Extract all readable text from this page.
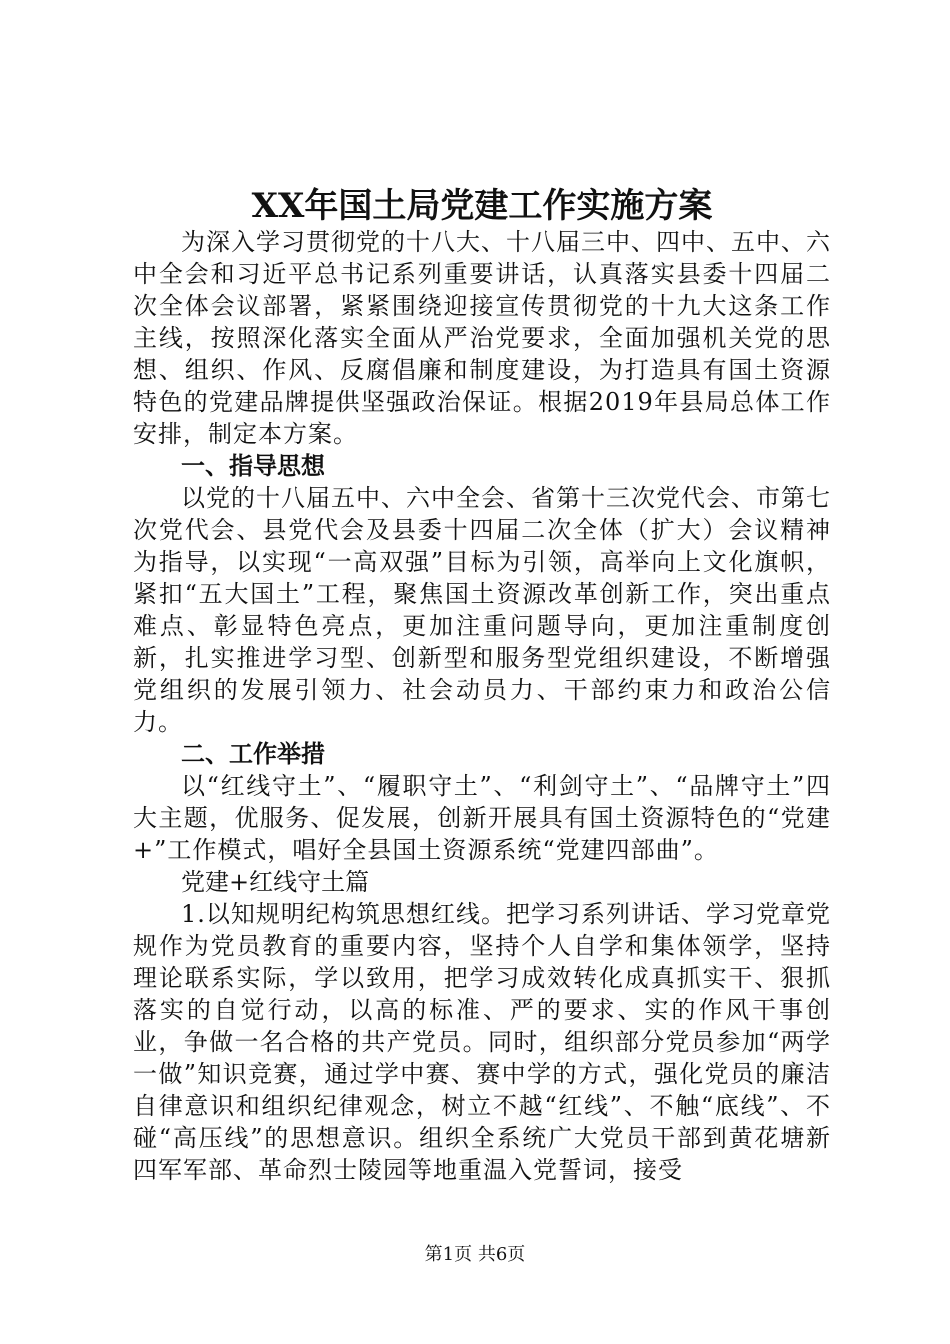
XX年国土局党建工作实施方案

为深入学习贯彻党的十八大、十八届三中、四中、五中、六中全会和习近平总书记系列重要讲话，认真落实县委十四届二次全体会议部署，紧紧围绕迎接宣传贯彻党的十九大这条工作主线，按照深化落实全面从严治党要求，全面加强机关党的思想、组织、作风、反腐倡廉和制度建设，为打造具有国土资源特色的党建品牌提供坚强政治保证。根据2019年县局总体工作安排，制定本方案。

一、指导思想

以党的十八届五中、六中全会、省第十三次党代会、市第七次党代会、县党代会及县委十四届二次全体（扩大）会议精神为指导，以实现“一高双强”目标为引领，高举向上文化旗帜，紧扣“五大国土”工程，聚焦国土资源改革创新工作，突出重点难点、彰显特色亮点，更加注重问题导向，更加注重制度创新，扎实推进学习型、创新型和服务型党组织建设，不断增强党组织的发展引领力、社会动员力、干部约束力和政治公信力。

二、工作举措

以“红线守土”、“履职守土”、“利剑守土”、“品牌守土”四大主题，优服务、促发展，创新开展具有国土资源特色的“党建+”工作模式，唱好全县国土资源系统“党建四部曲”。

党建+红线守土篇

1.以知规明纪构筑思想红线。把学习系列讲话、学习党章党规作为党员教育的重要内容，坚持个人自学和集体领学，坚持理论联系实际，学以致用，把学习成效转化成真抓实干、狠抓落实的自觉行动，以高的标准、严的要求、实的作风干事创业，争做一名合格的共产党员。同时，组织部分党员参加“两学一做”知识竞赛，通过学中赛、赛中学的方式，强化党员的廉洁自律意识和组织纪律观念，树立不越“红线”、不触“底线”、不碰“高压线”的思想意识。组织全系统广大党员干部到黄花塘新四军军部、革命烈士陵园等地重温入党誓词，接受

第1页 共6页
